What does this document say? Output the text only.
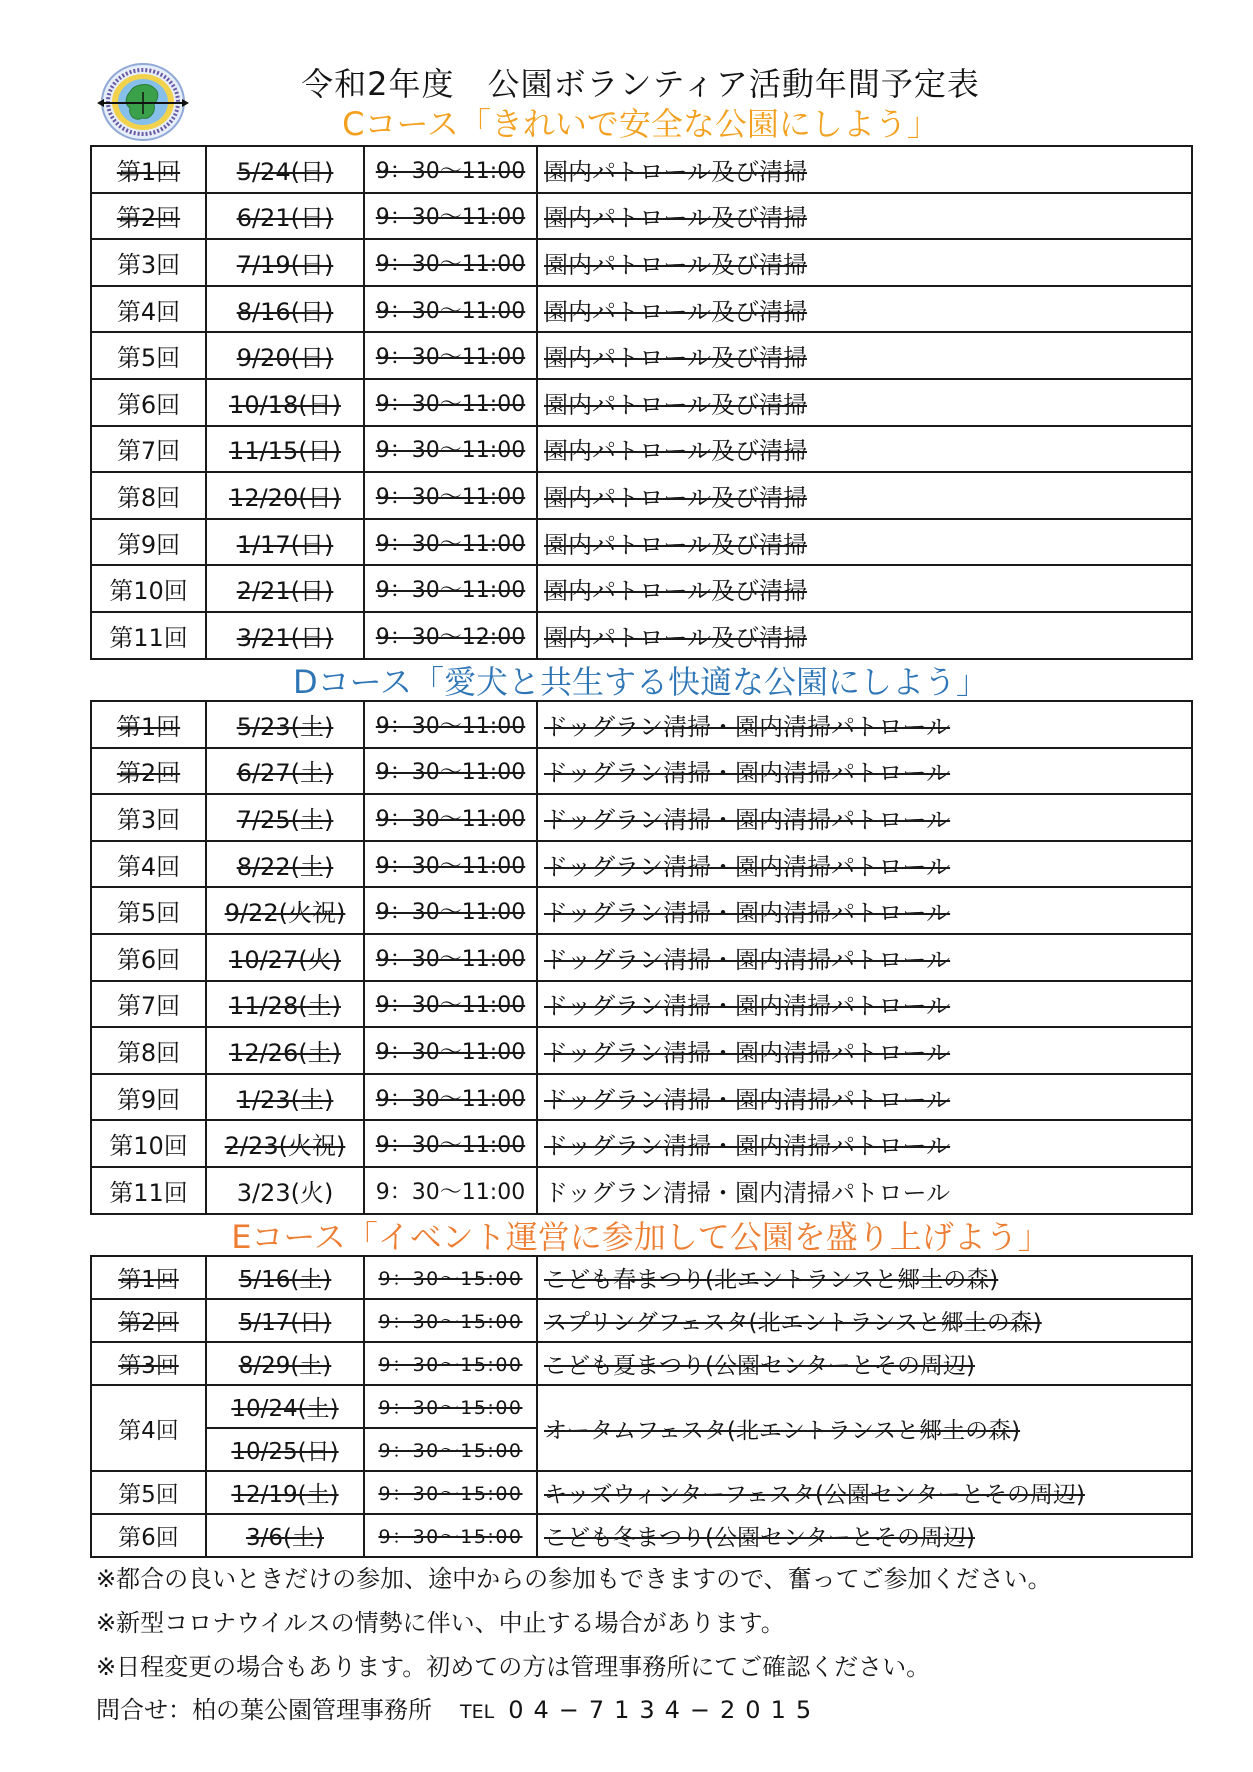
令和2年度　公園ボランティア活動年間予定表
Cコース「きれいで安全な公園にしよう」
第1回	5/24(日)	9：30〜11:00	園内パトロール及び清掃
第2回	6/21(日)	9：30〜11:00	園内パトロール及び清掃
第3回	7/19(日)	9：30〜11:00	園内パトロール及び清掃
第4回	8/16(日)	9：30〜11:00	園内パトロール及び清掃
第5回	9/20(日)	9：30〜11:00	園内パトロール及び清掃
第6回	10/18(日)	9：30〜11:00	園内パトロール及び清掃
第7回	11/15(日)	9：30〜11:00	園内パトロール及び清掃
第8回	12/20(日)	9：30〜11:00	園内パトロール及び清掃
第9回	1/17(日)	9：30〜11:00	園内パトロール及び清掃
第10回	2/21(日)	9：30〜11:00	園内パトロール及び清掃
第11回	3/21(日)	9：30〜12:00	園内パトロール及び清掃
Dコース「愛犬と共生する快適な公園にしよう」
第1回	5/23(土)	9：30〜11:00	ドッグラン清掃・園内清掃パトロール
第2回	6/27(土)	9：30〜11:00	ドッグラン清掃・園内清掃パトロール
第3回	7/25(土)	9：30〜11:00	ドッグラン清掃・園内清掃パトロール
第4回	8/22(土)	9：30〜11:00	ドッグラン清掃・園内清掃パトロール
第5回	9/22(火祝)	9：30〜11:00	ドッグラン清掃・園内清掃パトロール
第6回	10/27(火)	9：30〜11:00	ドッグラン清掃・園内清掃パトロール
第7回	11/28(土)	9：30〜11:00	ドッグラン清掃・園内清掃パトロール
第8回	12/26(土)	9：30〜11:00	ドッグラン清掃・園内清掃パトロール
第9回	1/23(土)	9：30〜11:00	ドッグラン清掃・園内清掃パトロール
第10回	2/23(火祝)	9：30〜11:00	ドッグラン清掃・園内清掃パトロール
第11回	3/23(火)	9：30〜11:00	ドッグラン清掃・園内清掃パトロール
Eコース「イベント運営に参加して公園を盛り上げよう」
第1回	5/16(土)	9：30〜15:00	こども春まつり(北エントランスと郷土の森)
第2回	5/17(日)	9：30〜15:00	スプリングフェスタ(北エントランスと郷土の森)
第3回	8/29(土)	9：30〜15:00	こども夏まつり(公園センターとその周辺)
第4回	10/24(土)	9：30〜15:00	オータムフェスタ(北エントランスと郷土の森)
	10/25(日)	9：30〜15:00	
第5回	12/19(土)	9：30〜15:00	キッズウィンターフェスタ(公園センターとその周辺)
第6回	3/6(土)	9：30〜15:00	こども冬まつり(公園センターとその周辺)
※都合の良いときだけの参加、途中からの参加もできますので、奮ってご参加ください。
※新型コロナウイルスの情勢に伴い、中止する場合があります。
※日程変更の場合もあります。初めての方は管理事務所にてご確認ください。
問合せ：柏の葉公園管理事務所 TEL 04−7134−2015
